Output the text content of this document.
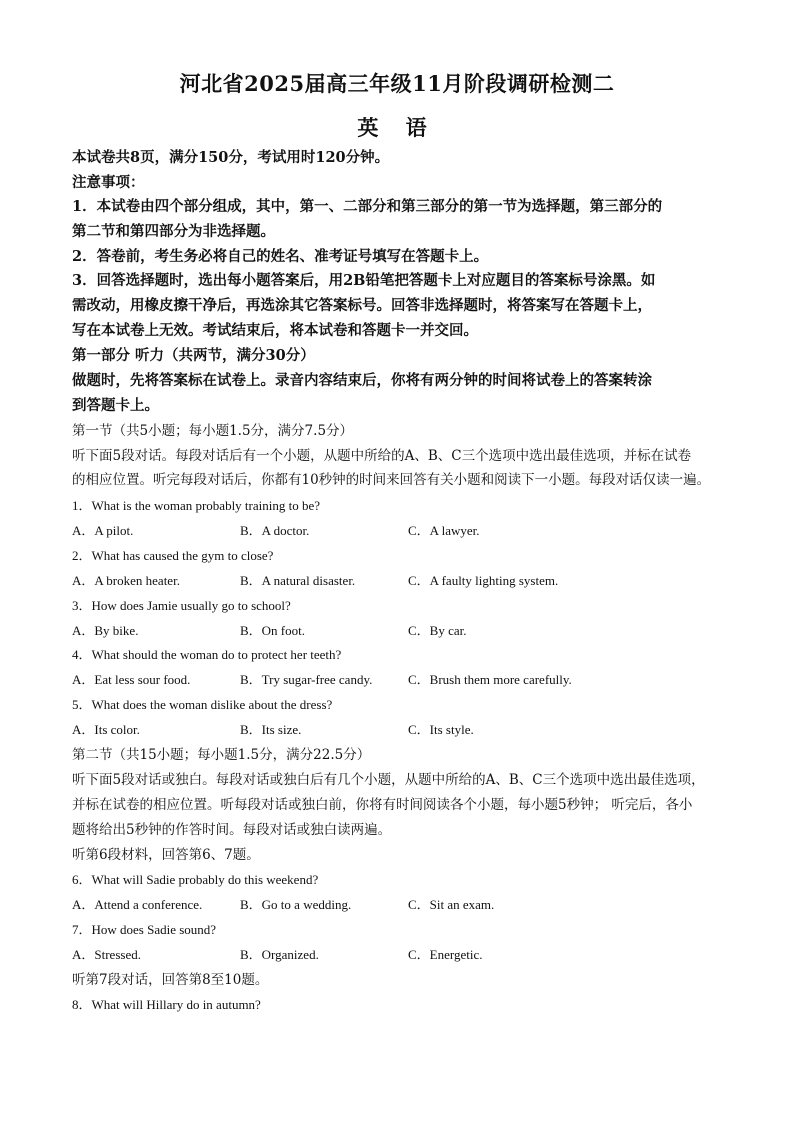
河北省2025届高三年级11月阶段调研检测二
英 语
本试卷共8页，满分150分，考试用时120分钟。
注意事项：
1．本试卷由四个部分组成，其中，第一、二部分和第三部分的第一节为选择题，第三部分的
第二节和第四部分为非选择题。
2．答卷前，考生务必将自己的姓名、准考证号填写在答题卡上。
3．回答选择题时，选出每小题答案后，用2B铅笔把答题卡上对应题目的答案标号涂黑。如
需改动，用橡皮擦干净后，再选涂其它答案标号。回答非选择题时，将答案写在答题卡上，
写在本试卷上无效。考试结束后，将本试卷和答题卡一并交回。
第一部分 听力（共两节，满分30分）
做题时，先将答案标在试卷上。录音内容结束后，你将有两分钟的时间将试卷上的答案转涂
到答题卡上。
第一节（共5小题；每小题1.5分，满分7.5分）
听下面5段对话。每段对话后有一个小题，从题中所给的A、B、C三个选项中选出最佳选项，并标在试卷
的相应位置。听完每段对话后，你都有10秒钟的时间来回答有关小题和阅读下一小题。每段对话仅读一遍。
1．What is the woman probably training to be?
A．A pilot.	B．A doctor.	C．A lawyer.
2．What has caused the gym to close?
A．A broken heater.	B．A natural disaster.	C．A faulty lighting system.
3．How does Jamie usually go to school?
A．By bike.	B．On foot.	C．By car.
4．What should the woman do to protect her teeth?
A．Eat less sour food.	B．Try sugar-free candy.	C．Brush them more carefully.
5．What does the woman dislike about the dress?
A．Its color.	B．Its size.	C．Its style.
第二节（共15小题；每小题1.5分，满分22.5分）
听下面5段对话或独白。每段对话或独白后有几个小题，从题中所给的A、B、C三个选项中选出最佳选项，
并标在试卷的相应位置。听每段对话或独白前，你将有时间阅读各个小题，每小题5秒钟； 听完后，各小
题将给出5秒钟的作答时间。每段对话或独白读两遍。
听第6段材料，回答第6、7题。
6．What will Sadie probably do this weekend?
A．Attend a conference.	B．Go to a wedding.	C．Sit an exam.
7．How does Sadie sound?
A．Stressed.	B．Organized.	C．Energetic.
听第7段对话，回答第8至10题。
8．What will Hillary do in autumn?
